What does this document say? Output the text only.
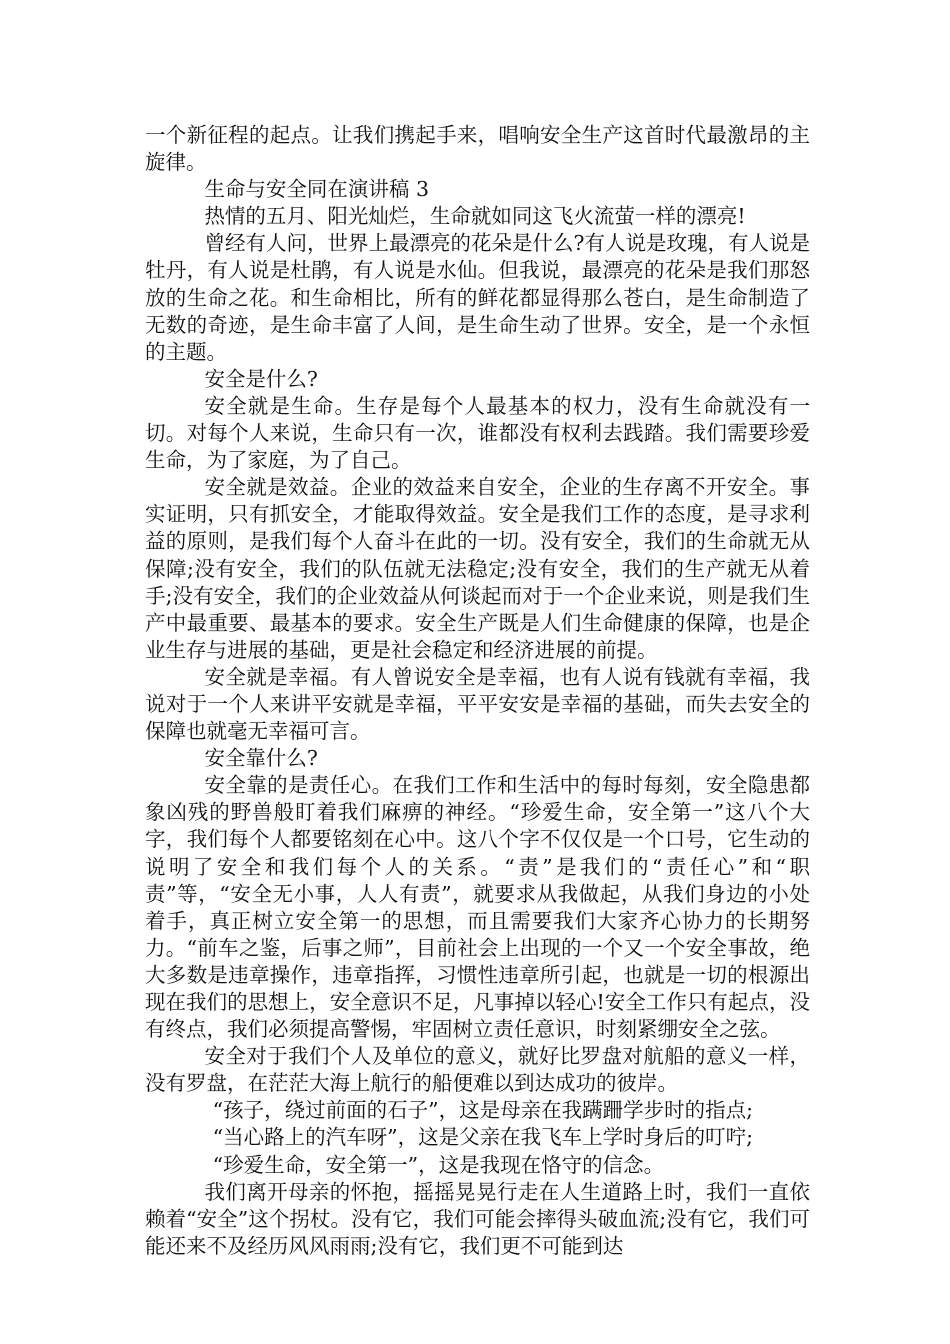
一个新征程的起点。让我们携起手来，唱响安全生产这首时代最激昂的主旋律。

生命与安全同在演讲稿 3

热情的五月、阳光灿烂，生命就如同这飞火流萤一样的漂亮!

曾经有人问，世界上最漂亮的花朵是什么?有人说是玫瑰，有人说是牡丹，有人说是杜鹃，有人说是水仙。但我说，最漂亮的花朵是我们那怒放的生命之花。和生命相比，所有的鲜花都显得那么苍白，是生命制造了无数的奇迹，是生命丰富了人间，是生命生动了世界。安全，是一个永恒的主题。

安全是什么?

安全就是生命。生存是每个人最基本的权力，没有生命就没有一切。对每个人来说，生命只有一次，谁都没有权利去践踏。我们需要珍爱生命，为了家庭，为了自己。

安全就是效益。企业的效益来自安全，企业的生存离不开安全。事实证明，只有抓安全，才能取得效益。安全是我们工作的态度，是寻求利益的原则，是我们每个人奋斗在此的一切。没有安全，我们的生命就无从保障;没有安全，我们的队伍就无法稳定;没有安全，我们的生产就无从着手;没有安全，我们的企业效益从何谈起而对于一个企业来说，则是我们生产中最重要、最基本的要求。安全生产既是人们生命健康的保障，也是企业生存与进展的基础，更是社会稳定和经济进展的前提。

安全就是幸福。有人曾说安全是幸福，也有人说有钱就有幸福，我说对于一个人来讲平安就是幸福，平平安安是幸福的基础，而失去安全的保障也就毫无幸福可言。

安全靠什么?

安全靠的是责任心。在我们工作和生活中的每时每刻，安全隐患都象凶残的野兽般盯着我们麻痹的神经。“珍爱生命，安全第一”这八个大字，我们每个人都要铭刻在心中。这八个字不仅仅是一个口号，它生动的说明了安全和我们每个人的关系。“责”是我们的“责任心”和“职责”等，“安全无小事，人人有责”，就要求从我做起，从我们身边的小处着手，真正树立安全第一的思想，而且需要我们大家齐心协力的长期努力。“前车之鉴，后事之师”，目前社会上出现的一个又一个安全事故，绝大多数是违章操作，违章指挥，习惯性违章所引起，也就是一切的根源出现在我们的思想上，安全意识不足，凡事掉以轻心!安全工作只有起点，没有终点，我们必须提高警惕，牢固树立责任意识，时刻紧绷安全之弦。

安全对于我们个人及单位的意义，就好比罗盘对航船的意义一样，没有罗盘，在茫茫大海上航行的船便难以到达成功的彼岸。

“孩子，绕过前面的石子”，这是母亲在我蹒跚学步时的指点;

“当心路上的汽车呀”，这是父亲在我飞车上学时身后的叮咛;

“珍爱生命，安全第一”，这是我现在恪守的信念。

我们离开母亲的怀抱，摇摇晃晃行走在人生道路上时，我们一直依赖着“安全”这个拐杖。没有它，我们可能会摔得头破血流;没有它，我们可能还来不及经历风风雨雨;没有它，我们更不可能到达
